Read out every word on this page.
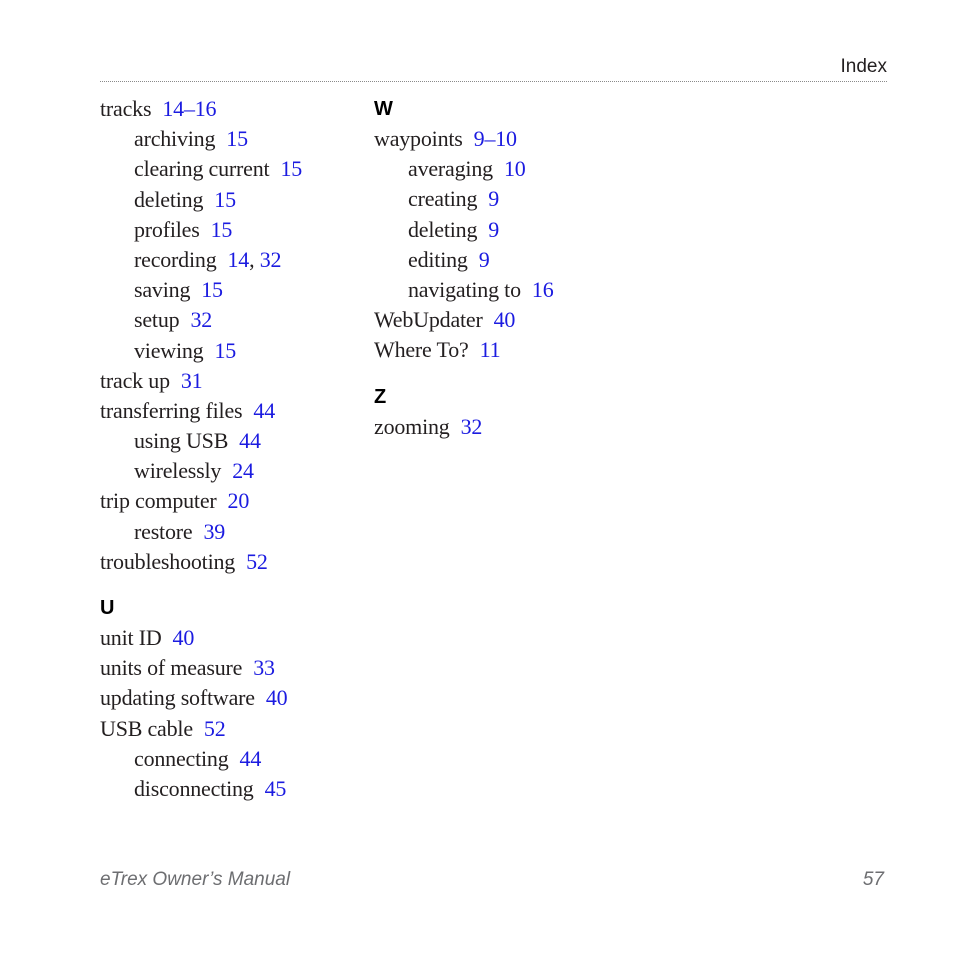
Index
tracks 14–16
archiving 15
clearing current 15
deleting 15
profiles 15
recording 14, 32
saving 15
setup 32
viewing 15
track up 31
transferring files 44
using USB 44
wirelessly 24
trip computer 20
restore 39
troubleshooting 52
U
unit ID 40
units of measure 33
updating software 40
USB cable 52
connecting 44
disconnecting 45
W
waypoints 9–10
averaging 10
creating 9
deleting 9
editing 9
navigating to 16
WebUpdater 40
Where To? 11
Z
zooming 32
eTrex Owner’s Manual	57
